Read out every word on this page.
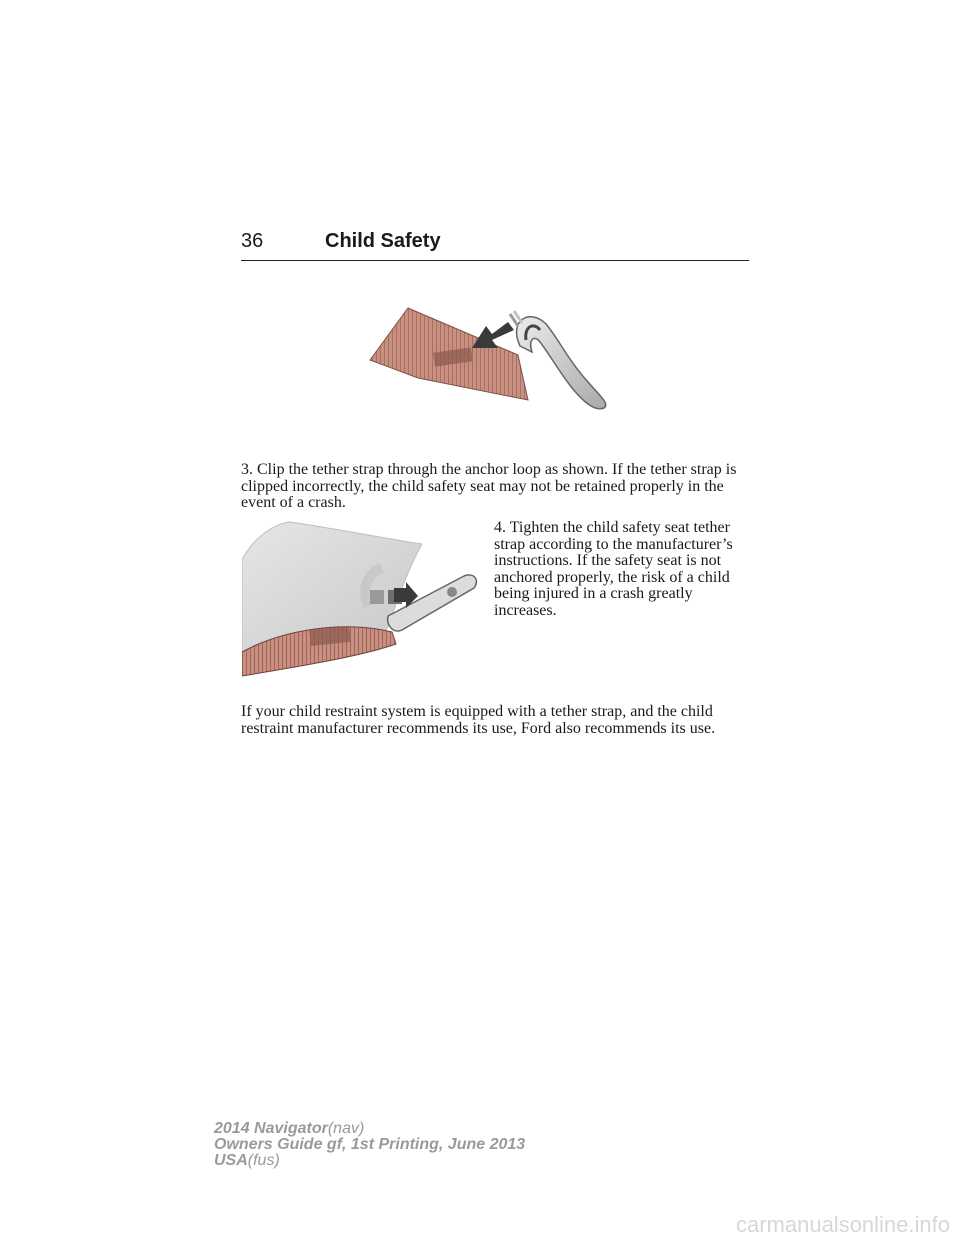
36	Child Safety

3. Clip the tether strap through the anchor loop as shown. If the tether strap is clipped incorrectly, the child safety seat may not be retained properly in the event of a crash.

4. Tighten the child safety seat tether strap according to the manufacturer’s instructions. If the safety seat is not anchored properly, the risk of a child being injured in a crash greatly increases.

If your child restraint system is equipped with a tether strap, and the child restraint manufacturer recommends its use, Ford also recommends its use.

2014 Navigator(nav)
Owners Guide gf, 1st Printing, June 2013
USA(fus)
carmanualsonline.info
